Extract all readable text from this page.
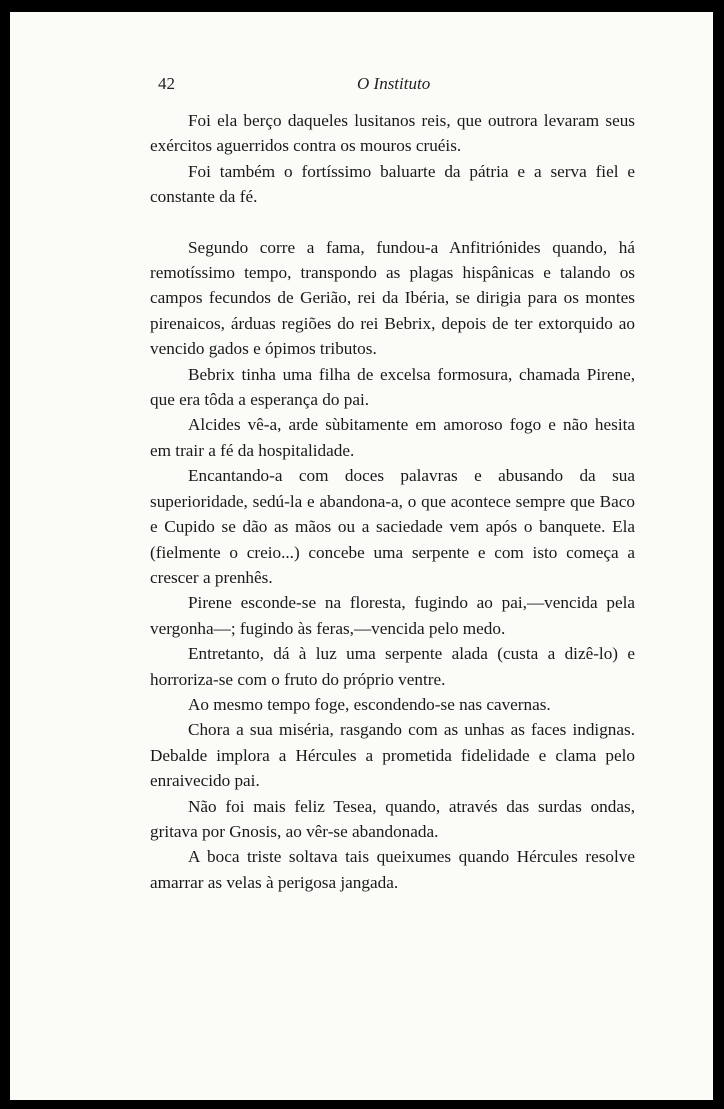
42	O Instituto

Foi ela berço daqueles lusitanos reis, que outrora levaram seus exércitos aguerridos contra os mouros cruéis.

Foi também o fortíssimo baluarte da pátria e a serva fiel e constante da fé.

Segundo corre a fama, fundou-a Anfitriónides quando, há remotíssimo tempo, transpondo as plagas hispânicas e talando os campos fecundos de Gerião, rei da Ibéria, se dirigia para os montes pirenaicos, árduas regiões do rei Bebrix, depois de ter extorquido ao vencido gados e ópimos tributos.

Bebrix tinha uma filha de excelsa formosura, chamada Pirene, que era tôda a esperança do pai.

Alcides vê-a, arde sùbitamente em amoroso fogo e não hesita em trair a fé da hospitalidade.

Encantando-a com doces palavras e abusando da sua superioridade, sedú-la e abandona-a, o que acontece sempre que Baco e Cupido se dão as mãos ou a saciedade vem após o banquete. Ela (fielmente o creio...) concebe uma serpente e com isto começa a crescer a prenhês.

Pirene esconde-se na floresta, fugindo ao pai,—vencida pela vergonha—; fugindo às feras,—vencida pelo medo.

Entretanto, dá à luz uma serpente alada (custa a dizê-lo) e horroriza-se com o fruto do próprio ventre.

Ao mesmo tempo foge, escondendo-se nas cavernas.

Chora a sua miséria, rasgando com as unhas as faces indignas. Debalde implora a Hércules a prometida fidelidade e clama pelo enraivecido pai.

Não foi mais feliz Tesea, quando, através das surdas ondas, gritava por Gnosis, ao vêr-se abandonada.

A boca triste soltava tais queixumes quando Hércules resolve amarrar as velas à perigosa jangada.
